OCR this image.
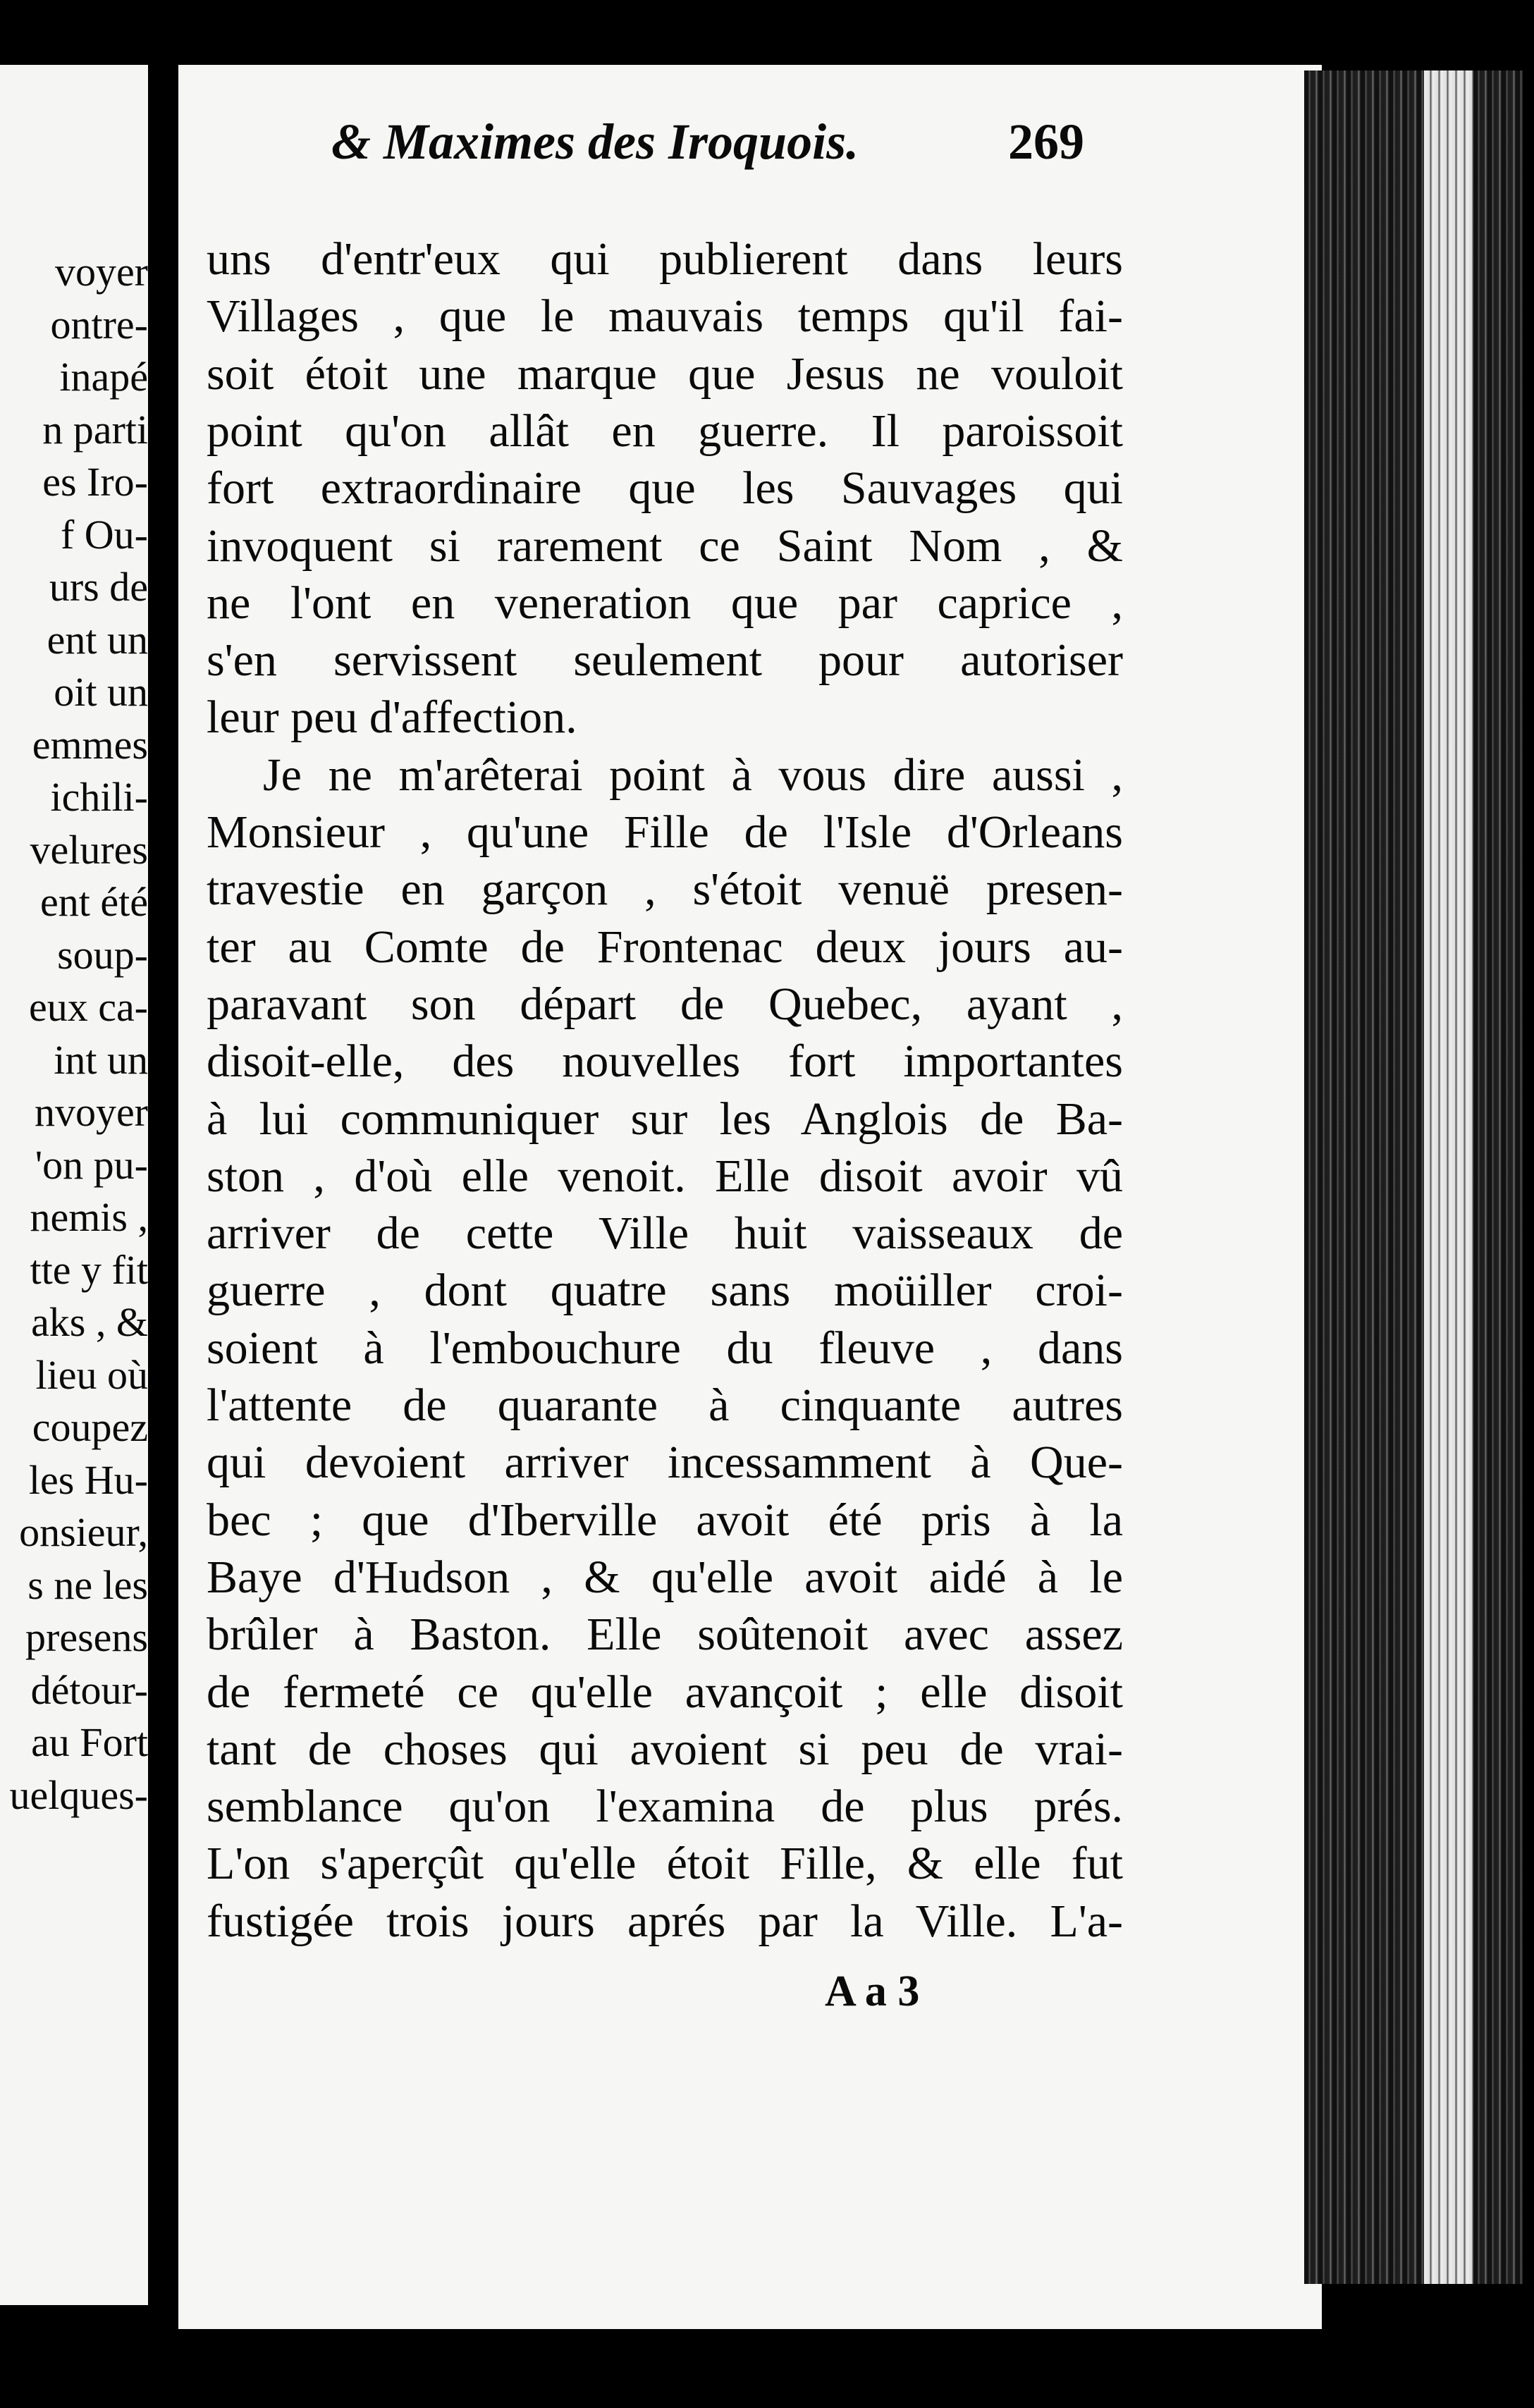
voyer
ontre-
inapé
n parti
es Iro-
f Ou-
urs de
ent un
oit un
emmes
ichili-
velures
ent été
soup-
eux ca-
int un
nvoyer
'on pu-
nemis ,
tte y fit
aks , &
lieu où
coupez
les Hu-
onsieur,
s ne les
presens
détour-
au Fort
uelques-
& Maximes des Iroquois.	269
uns d'entr'eux qui publierent dans leurs
Villages , que le mauvais temps qu'il fai-
soit étoit une marque que Jesus ne vouloit
point qu'on allât en guerre. Il paroissoit
fort extraordinaire que les Sauvages qui
invoquent si rarement ce Saint Nom , &
ne l'ont en veneration que par caprice ,
s'en servissent seulement pour autoriser
leur peu d'affection.
Je ne m'arêterai point à vous dire aussi ,
Monsieur , qu'une Fille de l'Isle d'Orleans
travestie en garçon , s'étoit venuë presen-
ter au Comte de Frontenac deux jours au-
paravant son départ de Quebec, ayant ,
disoit-elle, des nouvelles fort importantes
à lui communiquer sur les Anglois de Ba-
ston , d'où elle venoit. Elle disoit avoir vû
arriver de cette Ville huit vaisseaux de
guerre , dont quatre sans moüiller croi-
soient à l'embouchure du fleuve , dans
l'attente de quarante à cinquante autres
qui devoient arriver incessamment à Que-
bec ; que d'Iberville avoit été pris à la
Baye d'Hudson , & qu'elle avoit aidé à le
brûler à Baston. Elle soûtenoit avec assez
de fermeté ce qu'elle avançoit ; elle disoit
tant de choses qui avoient si peu de vrai-
semblance qu'on l'examina de plus prés.
L'on s'aperçût qu'elle étoit Fille, & elle fut
fustigée trois jours aprés par la Ville. L'a-
A a 3
